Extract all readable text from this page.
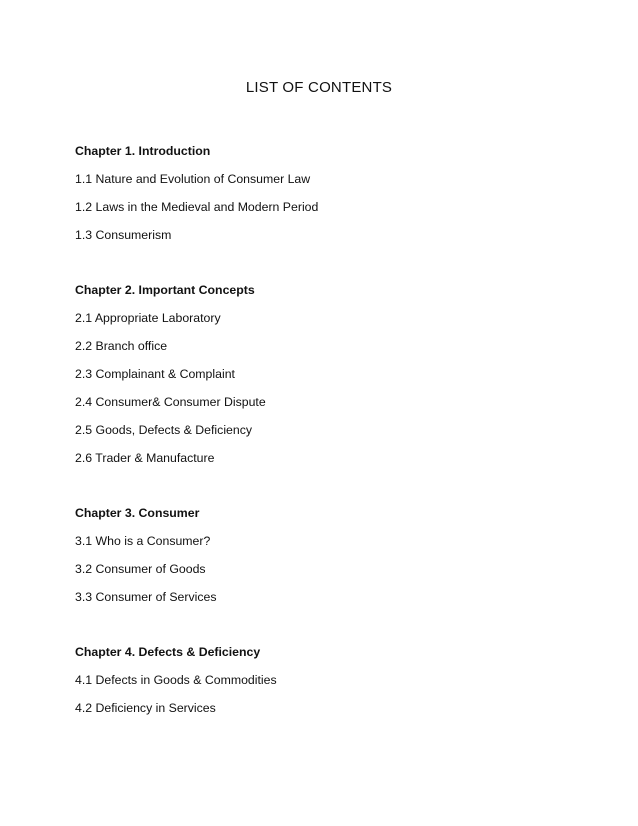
LIST OF CONTENTS
Chapter 1. Introduction
1.1 Nature and Evolution of Consumer Law
1.2 Laws in the Medieval and Modern Period
1.3 Consumerism
Chapter 2. Important Concepts
2.1 Appropriate Laboratory
2.2 Branch office
2.3 Complainant & Complaint
2.4 Consumer& Consumer Dispute
2.5 Goods, Defects & Deficiency
2.6 Trader & Manufacture
Chapter 3. Consumer
3.1 Who is a Consumer?
3.2 Consumer of Goods
3.3 Consumer of Services
Chapter 4. Defects & Deficiency
4.1 Defects in Goods & Commodities
4.2 Deficiency in Services
